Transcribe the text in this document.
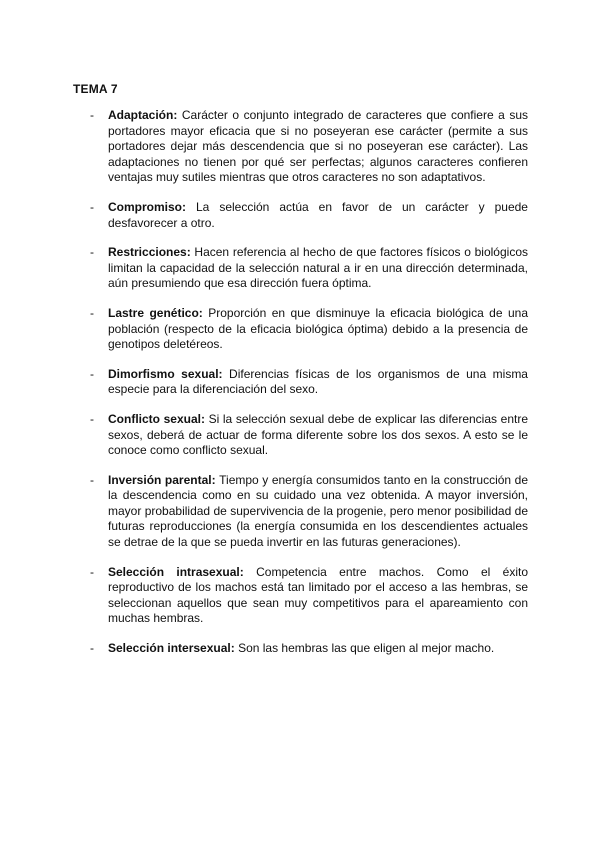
TEMA 7
- Adaptación: Carácter o conjunto integrado de caracteres que confiere a sus portadores mayor eficacia que si no poseyeran ese carácter (permite a sus portadores dejar más descendencia que si no poseyeran ese carácter). Las adaptaciones no tienen por qué ser perfectas; algunos caracteres confieren ventajas muy sutiles mientras que otros caracteres no son adaptativos.
- Compromiso: La selección actúa en favor de un carácter y puede desfavorecer a otro.
- Restricciones: Hacen referencia al hecho de que factores físicos o biológicos limitan la capacidad de la selección natural a ir en una dirección determinada, aún presumiendo que esa dirección fuera óptima.
- Lastre genético: Proporción en que disminuye la eficacia biológica de una población (respecto de la eficacia biológica óptima) debido a la presencia de genotipos deletéreos.
- Dimorfismo sexual: Diferencias físicas de los organismos de una misma especie para la diferenciación del sexo.
- Conflicto sexual: Si la selección sexual debe de explicar las diferencias entre sexos, deberá de actuar de forma diferente sobre los dos sexos. A esto se le conoce como conflicto sexual.
- Inversión parental: Tiempo y energía consumidos tanto en la construcción de la descendencia como en su cuidado una vez obtenida. A mayor inversión, mayor probabilidad de supervivencia de la progenie, pero menor posibilidad de futuras reproducciones (la energía consumida en los descendientes actuales se detrae de la que se pueda invertir en las futuras generaciones).
- Selección intrasexual: Competencia entre machos. Como el éxito reproductivo de los machos está tan limitado por el acceso a las hembras, se seleccionan aquellos que sean muy competitivos para el apareamiento con muchas hembras.
- Selección intersexual: Son las hembras las que eligen al mejor macho.
